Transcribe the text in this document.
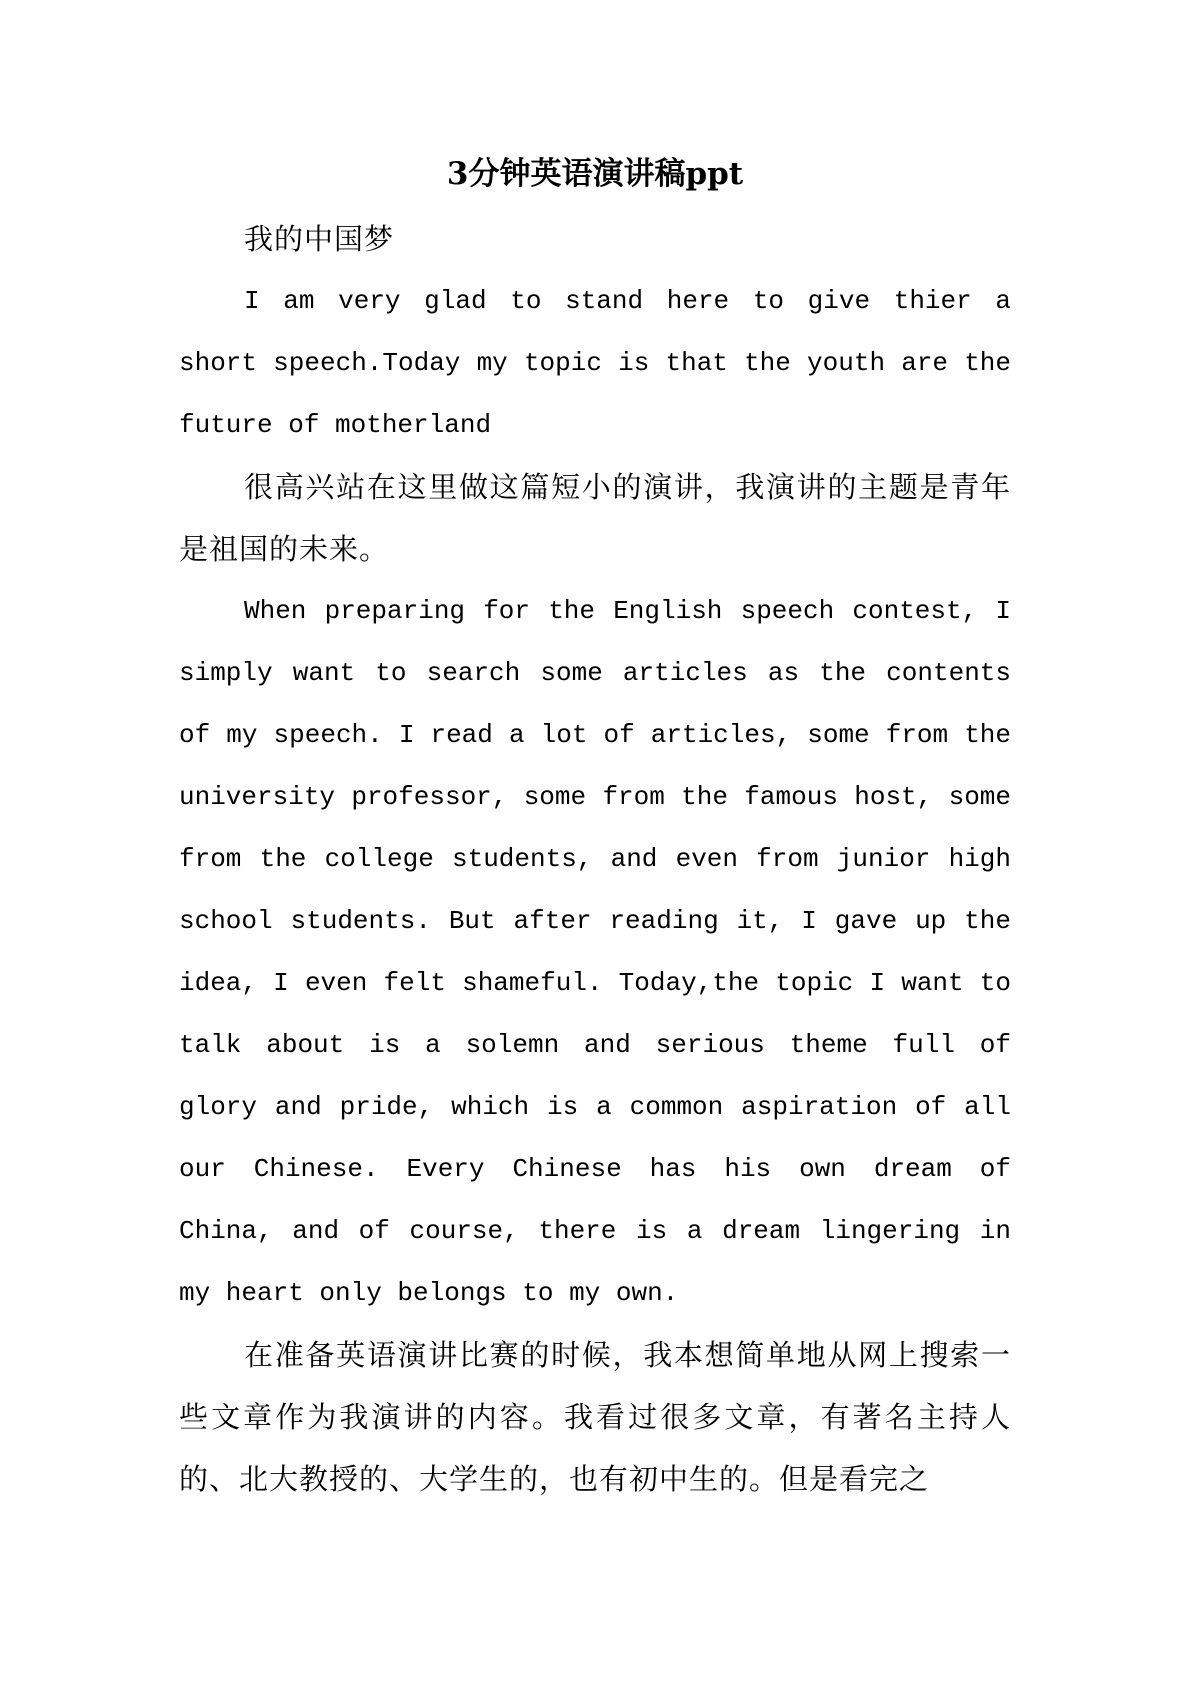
3分钟英语演讲稿ppt

我的中国梦

I am very glad to stand here to give thier a short speech.Today my topic is that the youth are the future of motherland

很高兴站在这里做这篇短小的演讲，我演讲的主题是青年是祖国的未来。

When preparing for the English speech contest, I simply want to search some articles as the contents of my speech. I read a lot of articles, some from the university professor, some from the famous host, some from the college students, and even from junior high school students. But after reading it, I gave up the idea, I even felt shameful. Today,the topic I want to talk about is a solemn and serious theme full of glory and pride, which is a common aspiration of all our Chinese. Every Chinese has his own dream of China, and of course, there is a dream lingering in my heart only belongs to my own.

在准备英语演讲比赛的时候，我本想简单地从网上搜索一些文章作为我演讲的内容。我看过很多文章，有著名主持人的、北大教授的、大学生的，也有初中生的。但是看完之
